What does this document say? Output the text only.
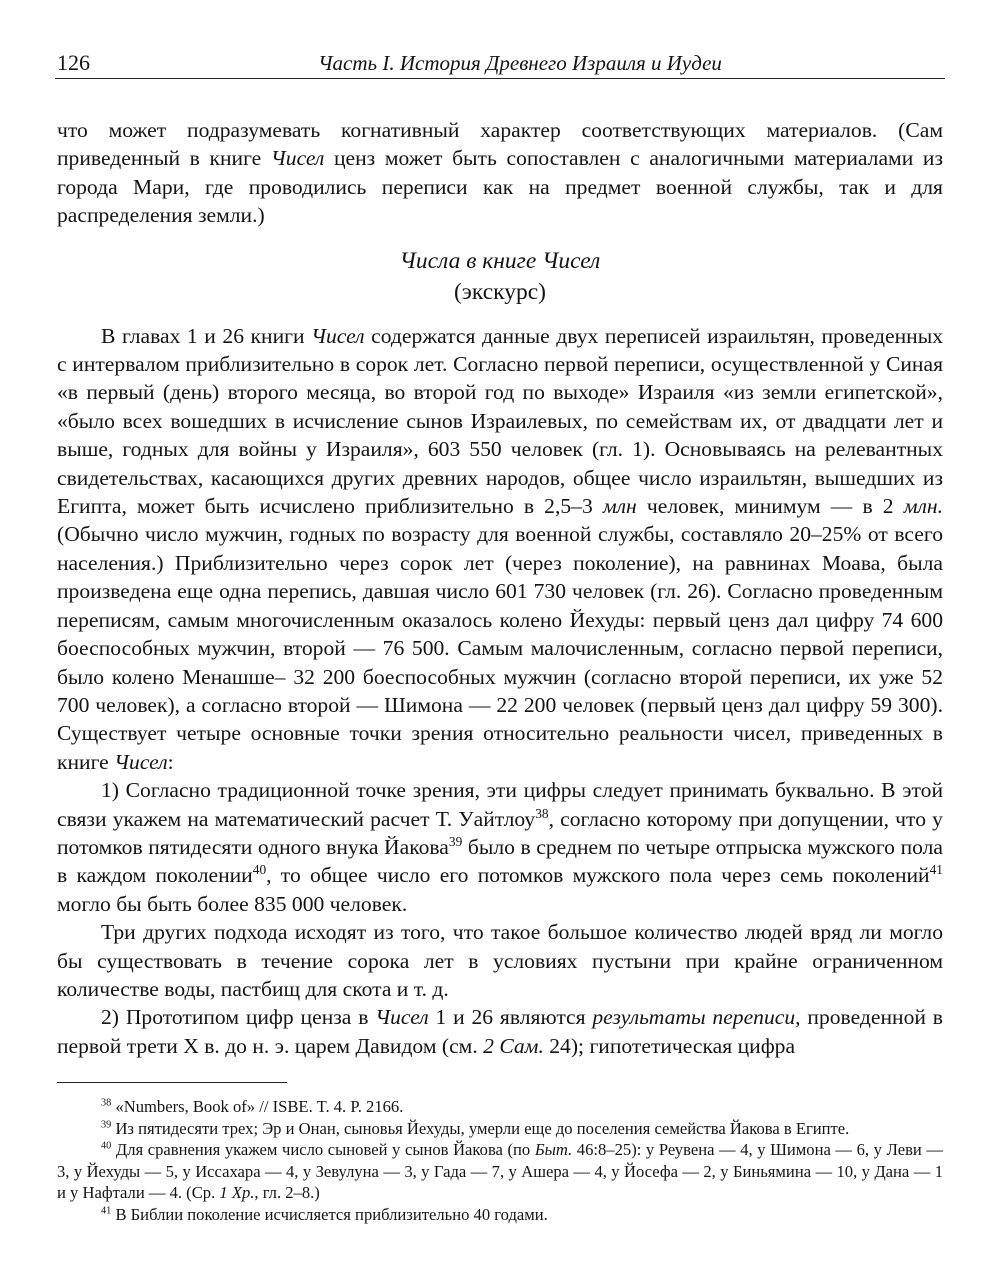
126	Часть I. История Древнего Израиля и Иудеи

что может подразумевать когнативный характер соответствующих материалов. (Сам приведенный в книге Чисел ценз может быть сопоставлен с аналогичными материалами из города Мари, где проводились переписи как на предмет военной службы, так и для распределения земли.)

Числа в книге Чисел
(экскурс)

В главах 1 и 26 книги Чисел содержатся данные двух переписей израильтян, проведенных с интервалом приблизительно в сорок лет. Согласно первой переписи, осуществленной у Синая «в первый (день) второго месяца, во второй год по выходе» Израиля «из земли египетской», «было всех вошедших в исчисление сынов Израилевых, по семействам их, от двадцати лет и выше, годных для войны у Израиля», 603 550 человек (гл. 1). Основываясь на релевантных свидетельствах, касающихся других древних народов, общее число израильтян, вышедших из Египта, может быть исчислено приблизительно в 2,5–3 млн человек, минимум — в 2 млн. (Обычно число мужчин, годных по возрасту для военной службы, составляло 20–25% от всего населения.) Приблизительно через сорок лет (через поколение), на равнинах Моава, была произведена еще одна перепись, давшая число 601 730 человек (гл. 26). Согласно проведенным переписям, самым многочисленным оказалось колено Йехуды: первый ценз дал цифру 74 600 боеспособных мужчин, второй — 76 500. Самым малочисленным, согласно первой переписи, было колено Менашше– 32 200 боеспособных мужчин (согласно второй переписи, их уже 52 700 человек), а согласно второй — Шимона — 22 200 человек (первый ценз дал цифру 59 300). Существует четыре основные точки зрения относительно реальности чисел, приведенных в книге Чисел:

1) Согласно традиционной точке зрения, эти цифры следует принимать буквально. В этой связи укажем на математический расчет Т. Уайтлоу$^{38}$, согласно которому при допущении, что у потомков пятидесяти одного внука Йакова$^{39}$ было в среднем по четыре отпрыска мужского пола в каждом поколении$^{40}$, то общее число его потомков мужского пола через семь поколений$^{41}$ могло бы быть более 835 000 человек.

Три других подхода исходят из того, что такое большое количество людей вряд ли могло бы существовать в течение сорока лет в условиях пустыни при крайне ограниченном количестве воды, пастбищ для скота и т. д.

2) Прототипом цифр ценза в Чисел 1 и 26 являются результаты переписи, проведенной в первой трети X в. до н. э. царем Давидом (см. 2 Сам. 24); гипотетическая цифра

$^{38}$ «Numbers, Book of» // ISBE. T. 4. P. 2166.

$^{39}$ Из пятидесяти трех; Эр и Онан, сыновья Йехуды, умерли еще до поселения семейства Йакова в Египте.

$^{40}$ Для сравнения укажем число сыновей у сынов Йакова (по Быт. 46:8–25): у Реувена — 4, у Шимона — 6, у Леви — 3, у Йехуды — 5, у Иссахара — 4, у Зевулуна — 3, у Гада — 7, у Ашера — 4, у Йосефа — 2, у Биньямина — 10, у Дана — 1 и у Нафтали — 4. (Ср. 1 Хр., гл. 2–8.)

$^{41}$ В Библии поколение исчисляется приблизительно 40 годами.
